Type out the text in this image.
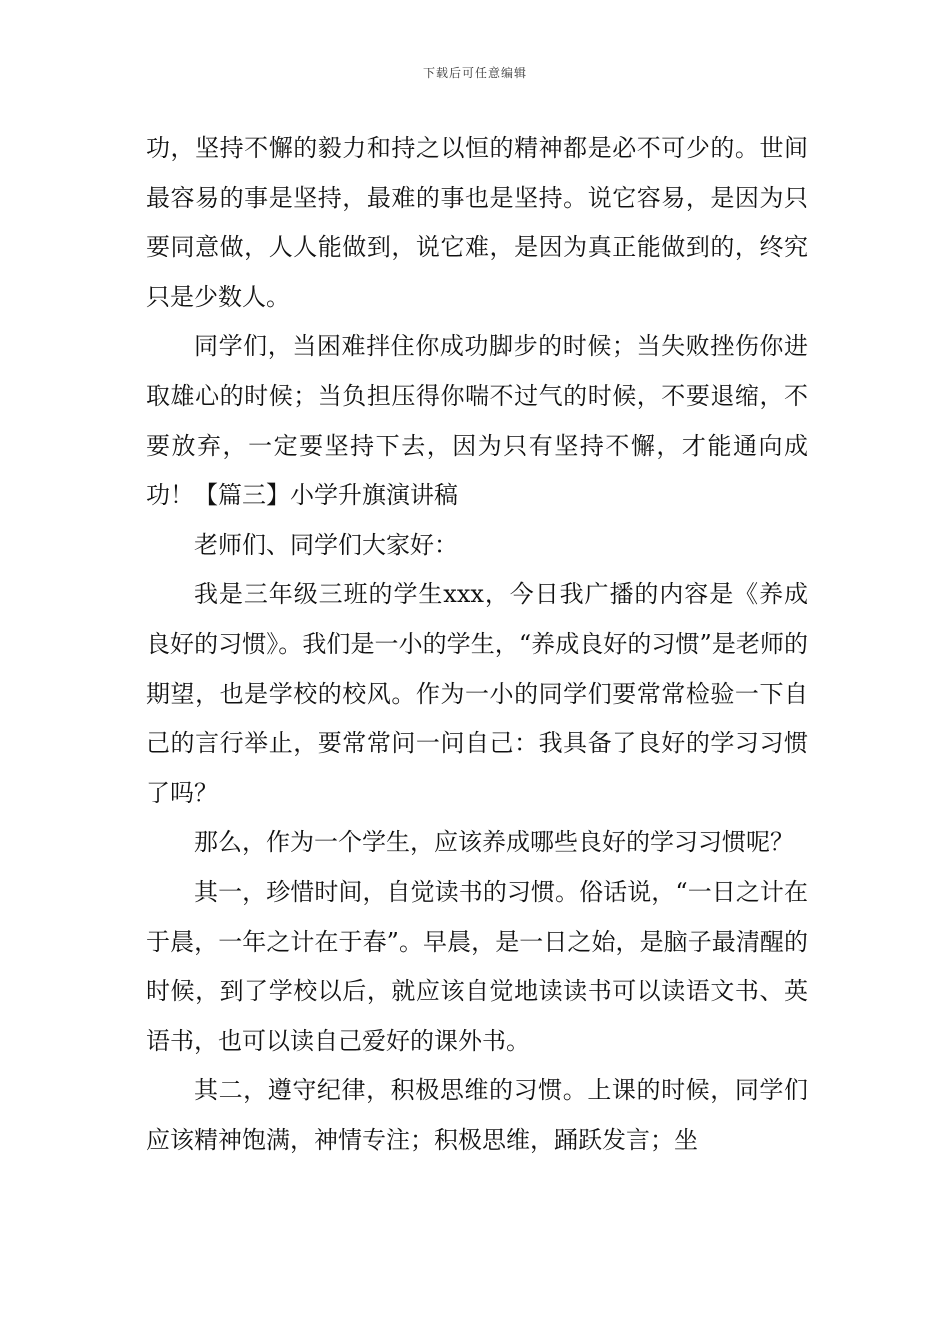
下载后可任意编辑

功，坚持不懈的毅力和持之以恒的精神都是必不可少的。世间最容易的事是坚持，最难的事也是坚持。说它容易，是因为只要同意做，人人能做到，说它难，是因为真正能做到的，终究只是少数人。

同学们，当困难拌住你成功脚步的时候；当失败挫伤你进取雄心的时候；当负担压得你喘不过气的时候，不要退缩，不要放弃，一定要坚持下去，因为只有坚持不懈，才能通向成功！【篇三】小学升旗演讲稿

老师们、同学们大家好：

我是三年级三班的学生xxx，今日我广播的内容是《养成良好的习惯》。我们是一小的学生，“养成良好的习惯”是老师的期望，也是学校的校风。作为一小的同学们要常常检验一下自己的言行举止，要常常问一问自己：我具备了良好的学习习惯了吗？

那么，作为一个学生，应该养成哪些良好的学习习惯呢？

其一，珍惜时间，自觉读书的习惯。俗话说，“一日之计在于晨，一年之计在于春”。早晨，是一日之始，是脑子最清醒的时候，到了学校以后，就应该自觉地读读书可以读语文书、英语书，也可以读自己爱好的课外书。

其二，遵守纪律，积极思维的习惯。上课的时候，同学们应该精神饱满，神情专注；积极思维，踊跃发言；坐
